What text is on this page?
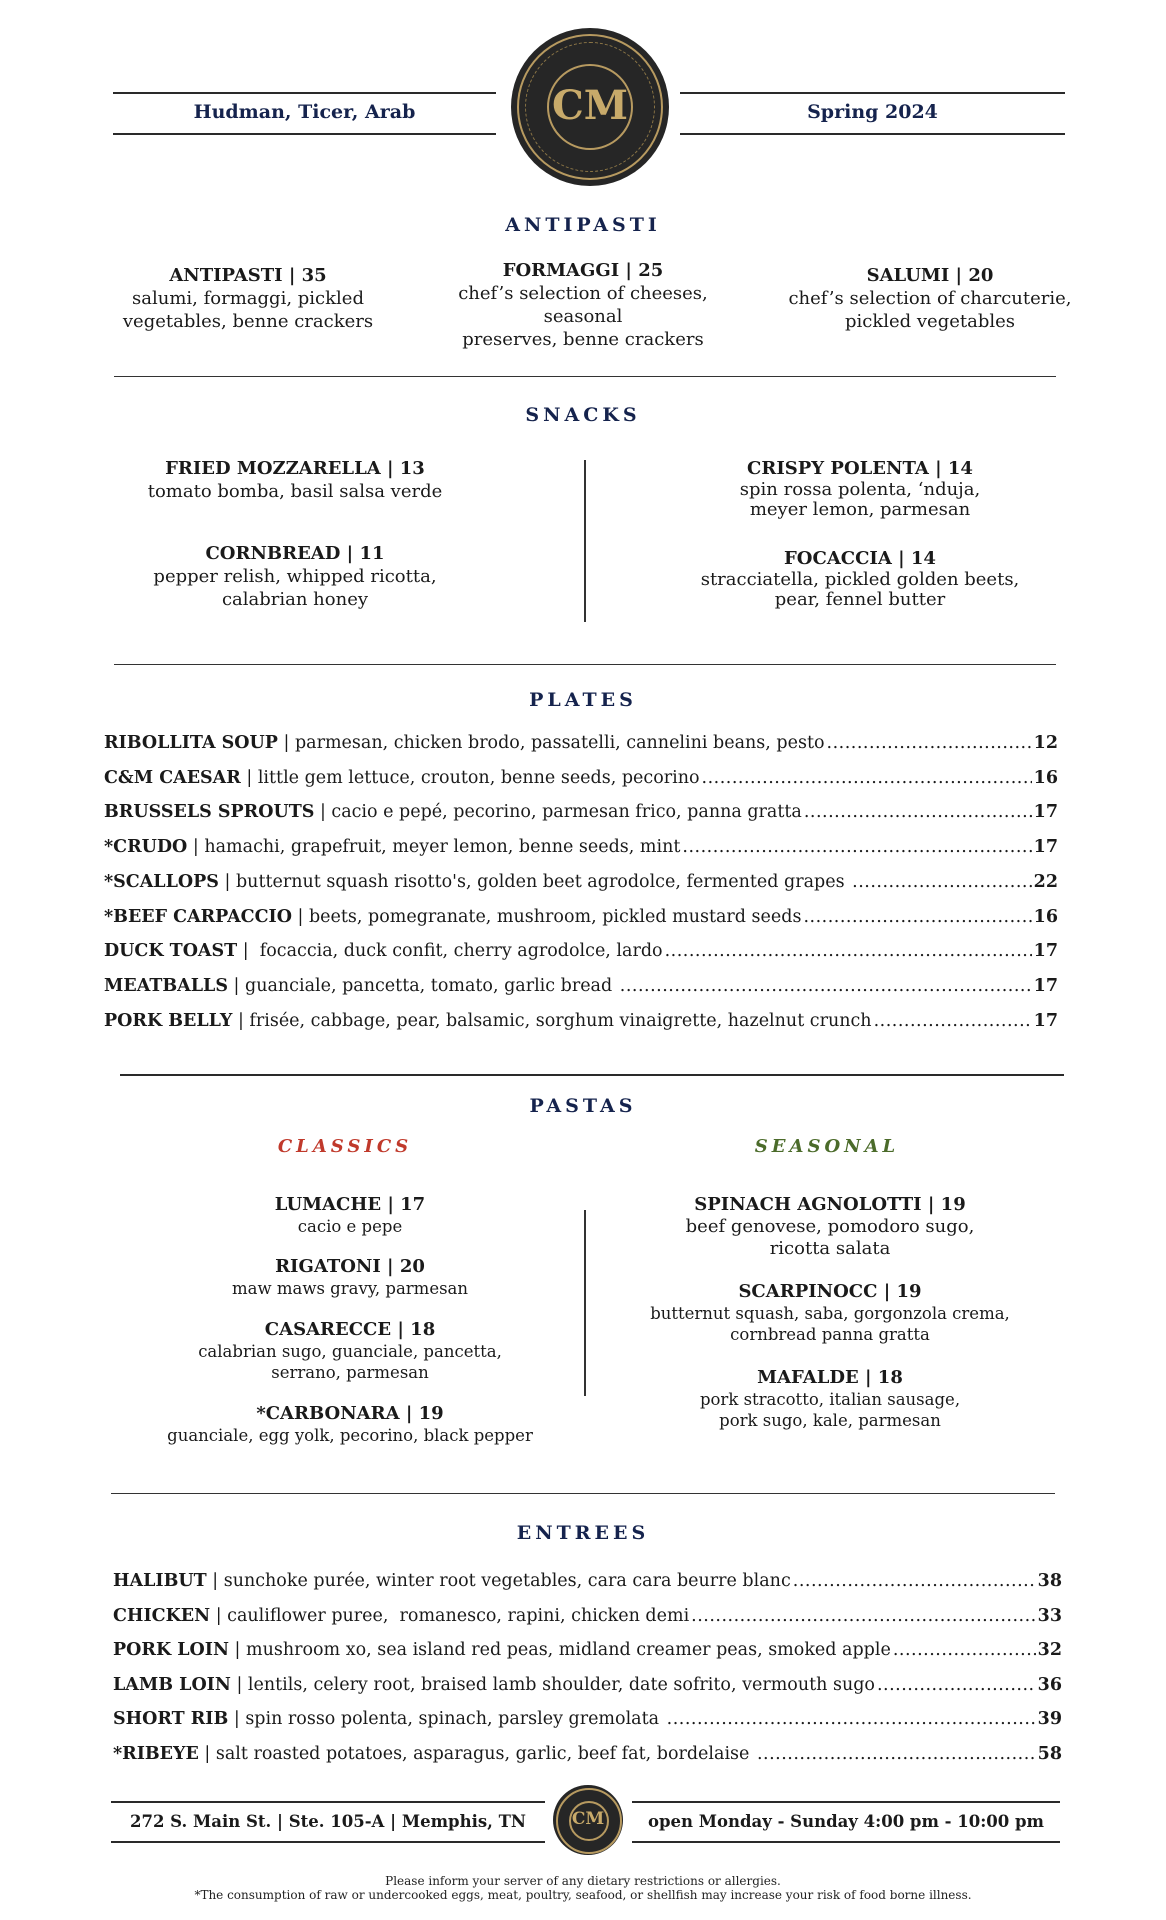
Hudman, Ticer, Arab	Spring 2024
CM
ANTIPASTI
ANTIPASTI | 35
salumi, formaggi, pickled
vegetables, benne crackers
FORMAGGI | 25
chef’s selection of cheeses, seasonal
preserves, benne crackers
SALUMI | 20
chef’s selection of charcuterie,
pickled vegetables
SNACKS
FRIED MOZZARELLA | 13
tomato bomba, basil salsa verde
CORNBREAD | 11
pepper relish, whipped ricotta,
calabrian honey
CRISPY POLENTA | 14
spin rossa polenta, ‘nduja,
meyer lemon, parmesan
FOCACCIA | 14
stracciatella, pickled golden beets,
pear, fennel butter
PLATES
RIBOLLITA SOUP | parmesan, chicken brodo, passatelli, cannelini beans, pesto .....	12
C&M CAESAR | little gem lettuce, crouton, benne seeds, pecorino .....	16
BRUSSELS SPROUTS | cacio e pepé, pecorino, parmesan frico, panna gratta .....	17
*CRUDO | hamachi, grapefruit, meyer lemon, benne seeds, mint .....	17
*SCALLOPS | butternut squash risotto's, golden beet agrodolce, fermented grapes .....	22
*BEEF CARPACCIO | beets, pomegranate, mushroom, pickled mustard seeds .....	16
DUCK TOAST |  focaccia, duck confit, cherry agrodolce, lardo .....	17
MEATBALLS | guanciale, pancetta, tomato, garlic bread .....	17
PORK BELLY | frisée, cabbage, pear, balsamic, sorghum vinaigrette, hazelnut crunch .....	17
PASTAS
CLASSICS	SEASONAL
LUMACHE | 17
cacio e pepe
RIGATONI | 20
maw maws gravy, parmesan
CASARECCE | 18
calabrian sugo, guanciale, pancetta,
serrano, parmesan
*CARBONARA | 19
guanciale, egg yolk, pecorino, black pepper
SPINACH AGNOLOTTI | 19
beef genovese, pomodoro sugo,
ricotta salata
SCARPINOCC | 19
butternut squash, saba, gorgonzola crema,
cornbread panna gratta
MAFALDE | 18
pork stracotto, italian sausage,
pork sugo, kale, parmesan
ENTREES
HALIBUT | sunchoke purée, winter root vegetables, cara cara beurre blanc .....	38
CHICKEN | cauliflower puree,  romanesco, rapini, chicken demi .....	33
PORK LOIN | mushroom xo, sea island red peas, midland creamer peas, smoked apple .....	32
LAMB LOIN | lentils, celery root, braised lamb shoulder, date sofrito, vermouth sugo .....	36
SHORT RIB | spin rosso polenta, spinach, parsley gremolata .....	39
*RIBEYE | salt roasted potatoes, asparagus, garlic, beef fat, bordelaise .....	58
272 S. Main St. | Ste. 105-A | Memphis, TN	open Monday - Sunday 4:00 pm - 10:00 pm
CM
Please inform your server of any dietary restrictions or allergies.
*The consumption of raw or undercooked eggs, meat, poultry, seafood, or shellfish may increase your risk of food borne illness.
